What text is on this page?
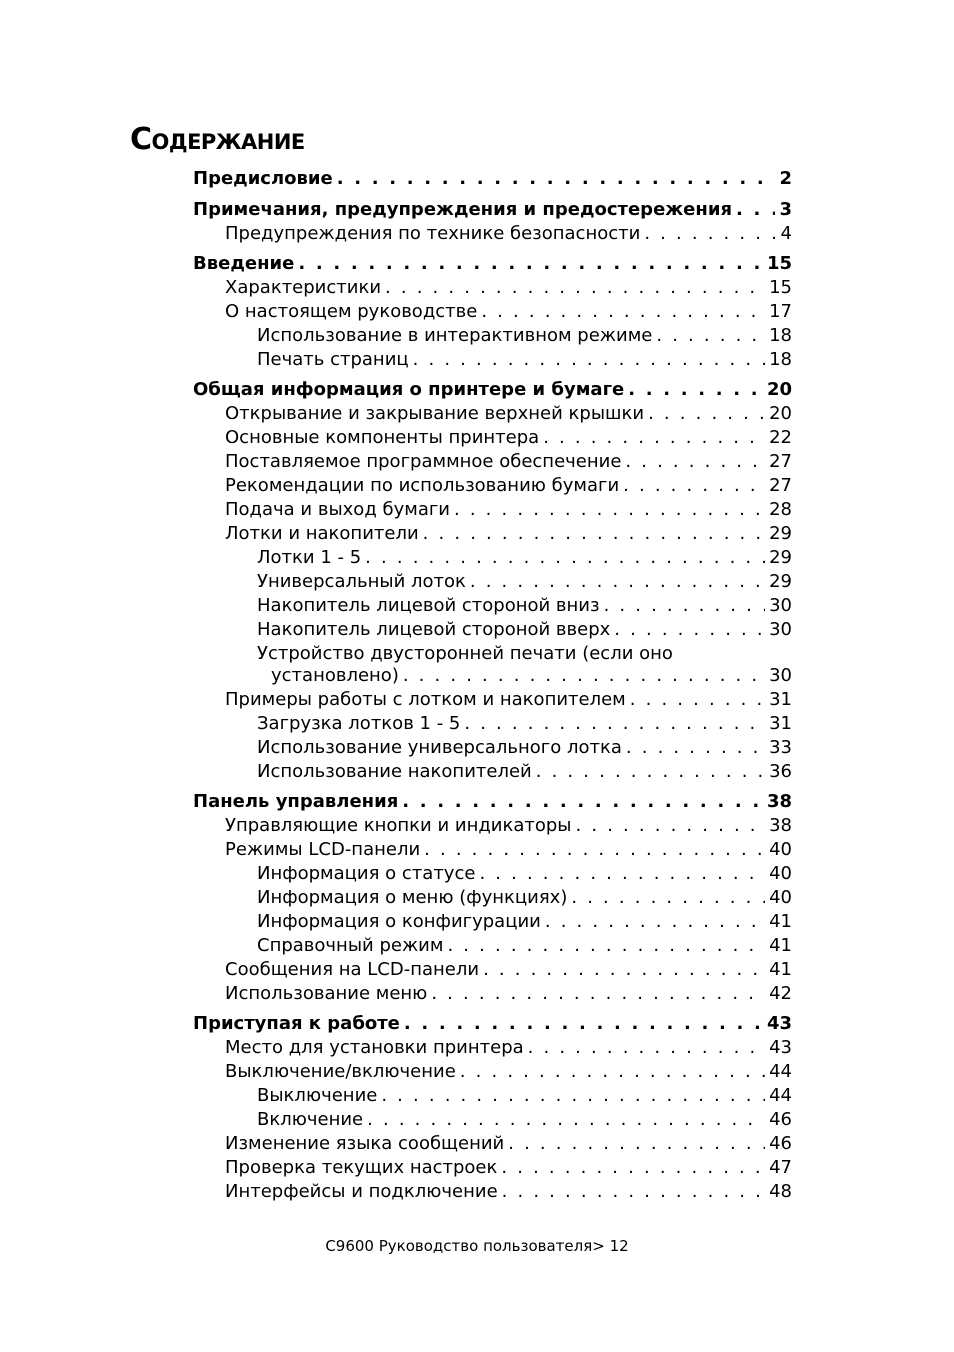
Содержание
Предисловие . . .	2
Примечания, предупреждения и предостережения . . .	3
Предупреждения по технике безопасности . . .	4
Введение . . .	15
Характеристики . . .	15
О настоящем руководстве . . .	17
Использование в интерактивном режиме . . .	18
Печать страниц . . .	18
Общая информация о принтере и бумаге . . .	20
Открывание и закрывание верхней крышки . . .	20
Основные компоненты принтера . . .	22
Поставляемое программное обеспечение . . .	27
Рекомендации по использованию бумаги . . .	27
Подача и выход бумаги . . .	28
Лотки и накопители . . .	29
Лотки 1 - 5 . . .	29
Универсальный лоток . . .	29
Накопитель лицевой стороной вниз . . .	30
Накопитель лицевой стороной вверх . . .	30
Устройство двусторонней печати (если оно
установлено) . . .	30
Примеры работы с лотком и накопителем . . .	31
Загрузка лотков 1 - 5 . . .	31
Использование универсального лотка . . .	33
Использование накопителей . . .	36
Панель управления . . .	38
Управляющие кнопки и индикаторы . . .	38
Режимы LCD-панели . . .	40
Информация о статусе . . .	40
Информация о меню (функциях) . . .	40
Информация о конфигурации . . .	41
Справочный режим . . .	41
Сообщения на LCD-панели . . .	41
Использование меню . . .	42
Приступая к работе . . .	43
Место для установки принтера . . .	43
Выключение/включение . . .	44
Выключение . . .	44
Включение . . .	46
Изменение языка сообщений . . .	46
Проверка текущих настроек . . .	47
Интерфейсы и подключение . . .	48
C9600 Руководство пользователя> 12
